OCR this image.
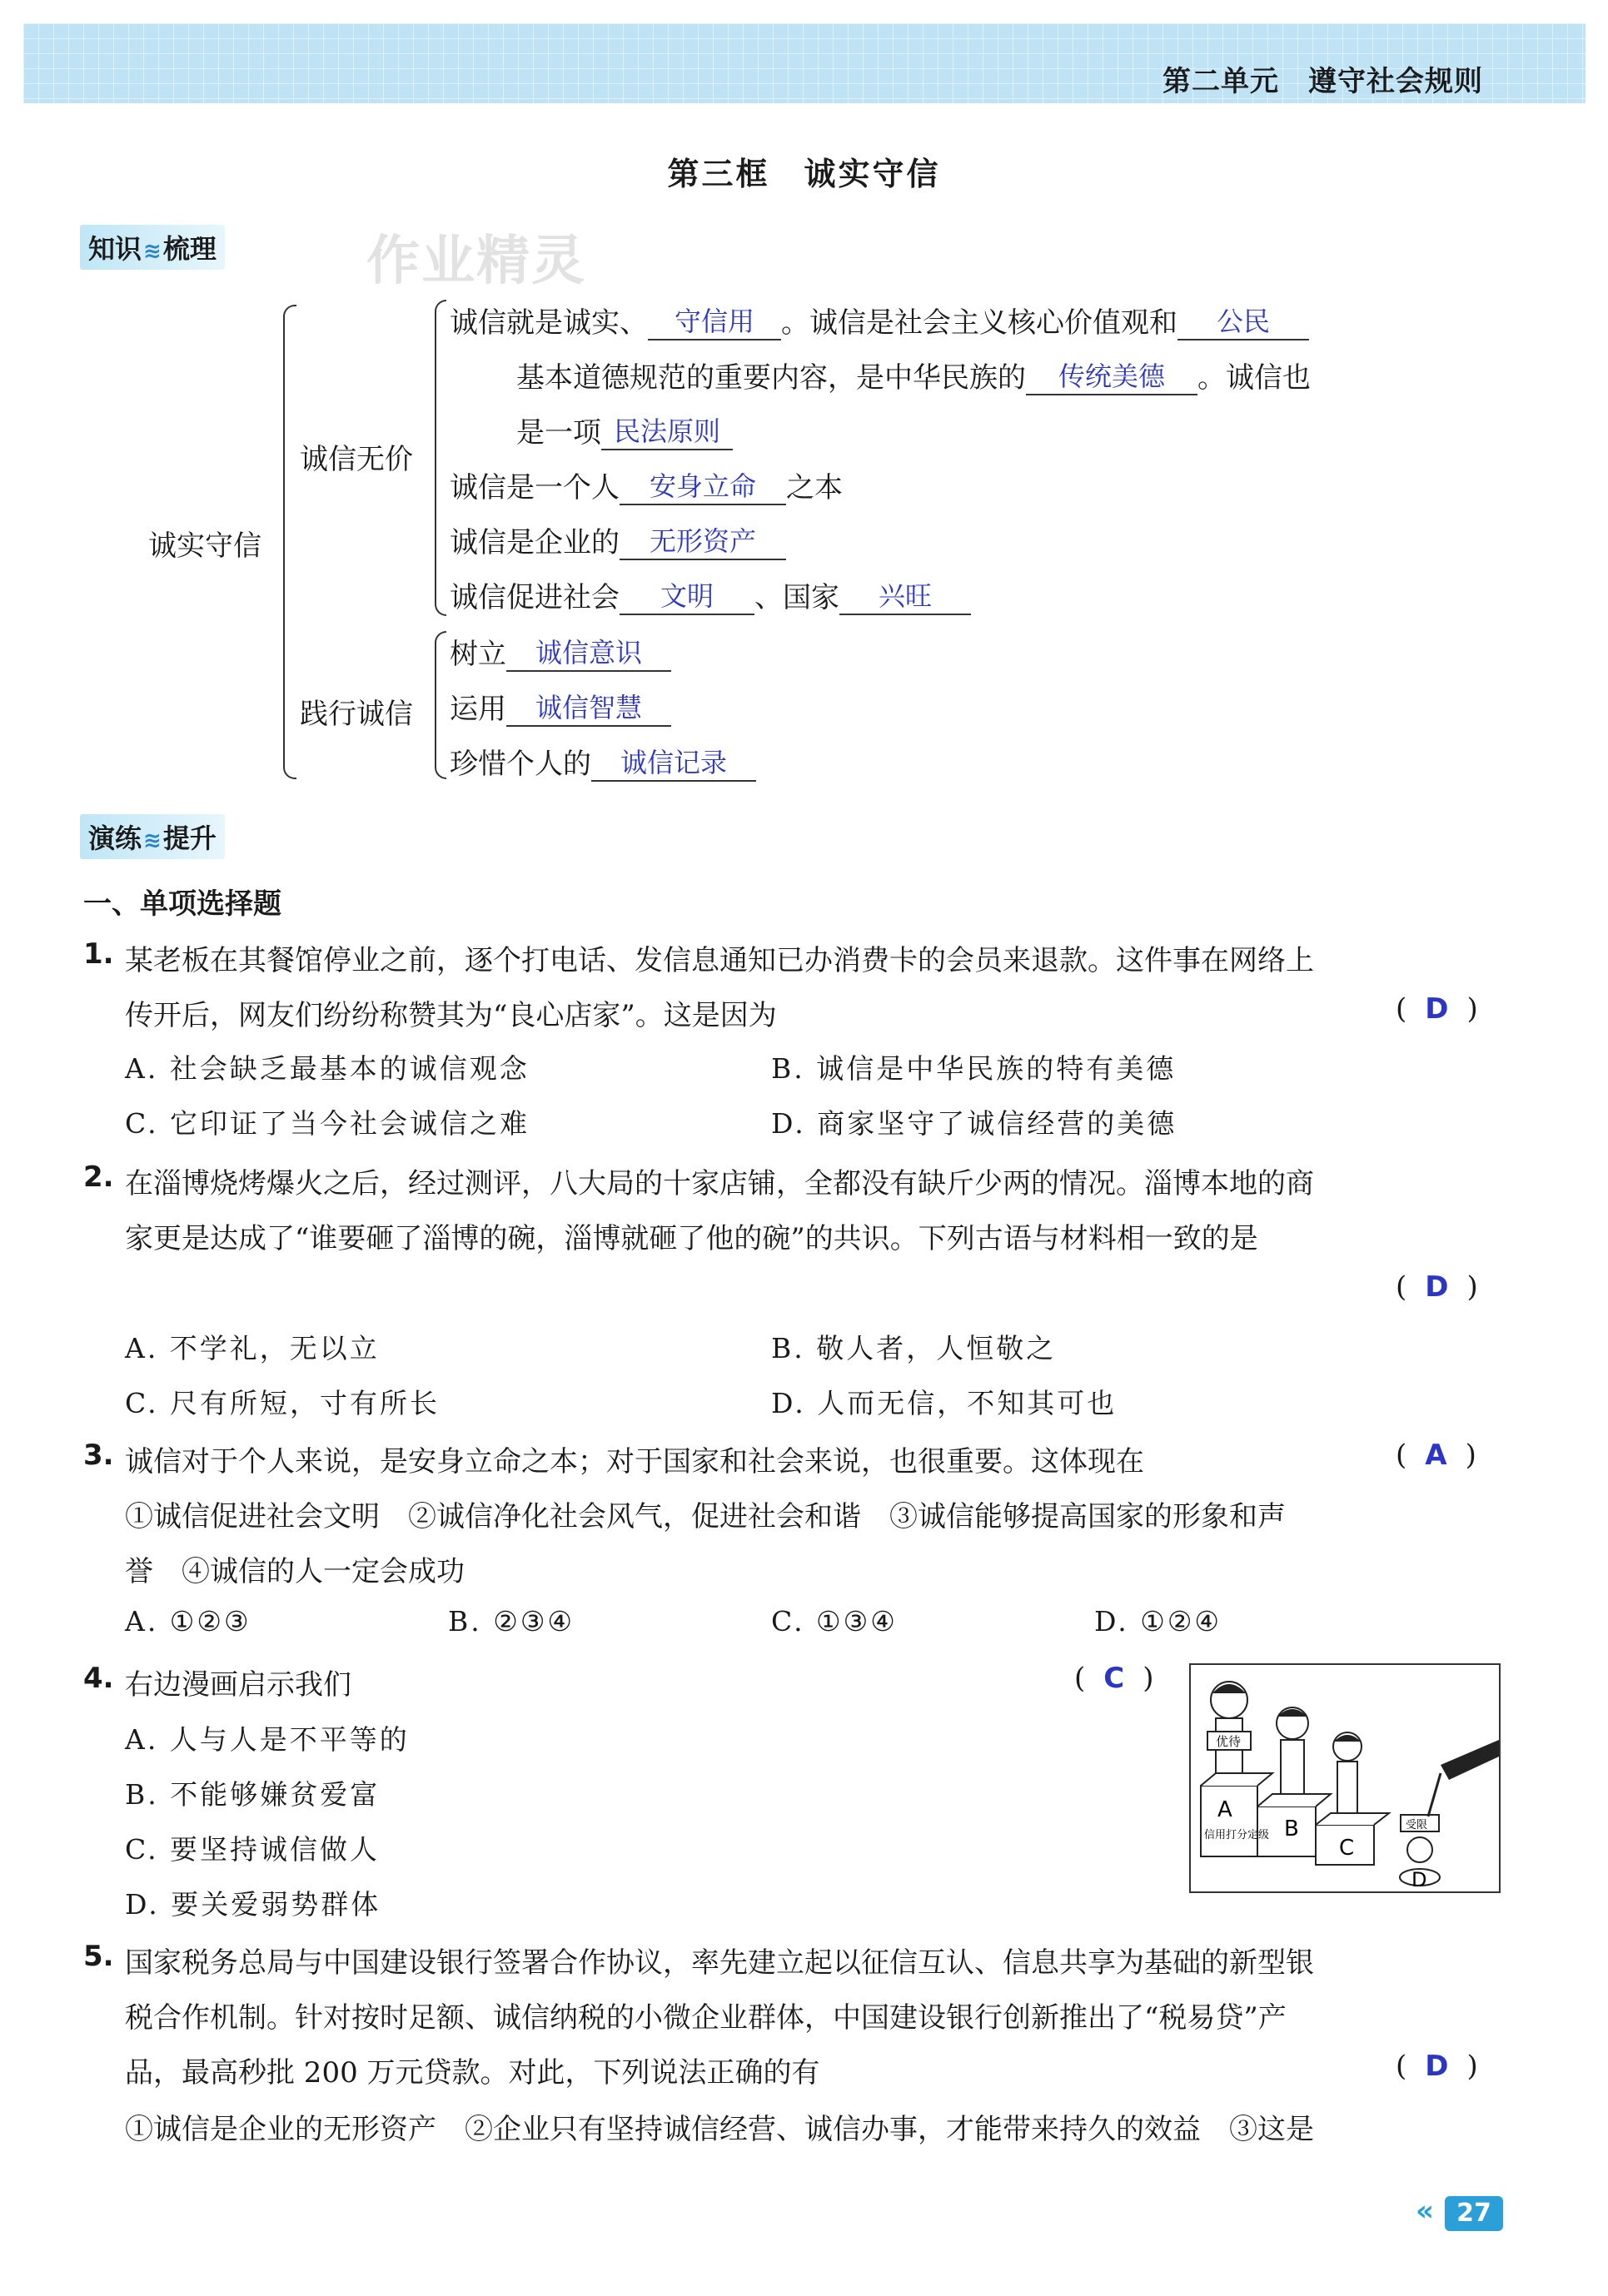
第二单元　遵守社会规则
第三框　诚实守信
知识≋梳理	作业精灵
诚实守信
诚信无价
践行诚信
诚信就是诚实、 守信用 。诚信是社会主义核心价值观和	公民
基本道德规范的重要内容，是中华民族的	传统美德	。诚信也
是一项 民法原则
诚信是一个人	安身立命	之本
诚信是企业的	无形资产
诚信促进社会	文明	、国家	兴旺
树立	诚信意识
运用	诚信智慧
珍惜个人的	诚信记录
演练≋提升
一、单项选择题
1. 某老板在其餐馆停业之前，逐个打电话、发信息通知已办消费卡的会员来退款。这件事在网络上
传开后，网友们纷纷称赞其为“良心店家”。这是因为	( D )
A. 社会缺乏最基本的诚信观念	B. 诚信是中华民族的特有美德
C. 它印证了当今社会诚信之难	D. 商家坚守了诚信经营的美德
2. 在淄博烧烤爆火之后，经过测评，八大局的十家店铺，全都没有缺斤少两的情况。淄博本地的商
家更是达成了“谁要砸了淄博的碗，淄博就砸了他的碗”的共识。下列古语与材料相一致的是
( D )
A. 不学礼，无以立	B. 敬人者，人恒敬之
C. 尺有所短，寸有所长	D. 人而无信，不知其可也
3. 诚信对于个人来说，是安身立命之本；对于国家和社会来说，也很重要。这体现在	( A )
①诚信促进社会文明　②诚信净化社会风气，促进社会和谐　③诚信能够提高国家的形象和声
誉　④诚信的人一定会成功
A. ①②③	B. ②③④	C. ①③④	D. ①②④
4. 右边漫画启示我们	( C )
A. 人与人是不平等的
B. 不能够嫌贫爱富
C. 要坚持诚信做人
D. 要关爱弱势群体
A
B
C
信用打分定级
D
优待
受限
5. 国家税务总局与中国建设银行签署合作协议，率先建立起以征信互认、信息共享为基础的新型银
税合作机制。针对按时足额、诚信纳税的小微企业群体，中国建设银行创新推出了“税易贷”产
品，最高秒批 200 万元贷款。对此，下列说法正确的有	( D )
①诚信是企业的无形资产　②企业只有坚持诚信经营、诚信办事，才能带来持久的效益　③这是
« 27
